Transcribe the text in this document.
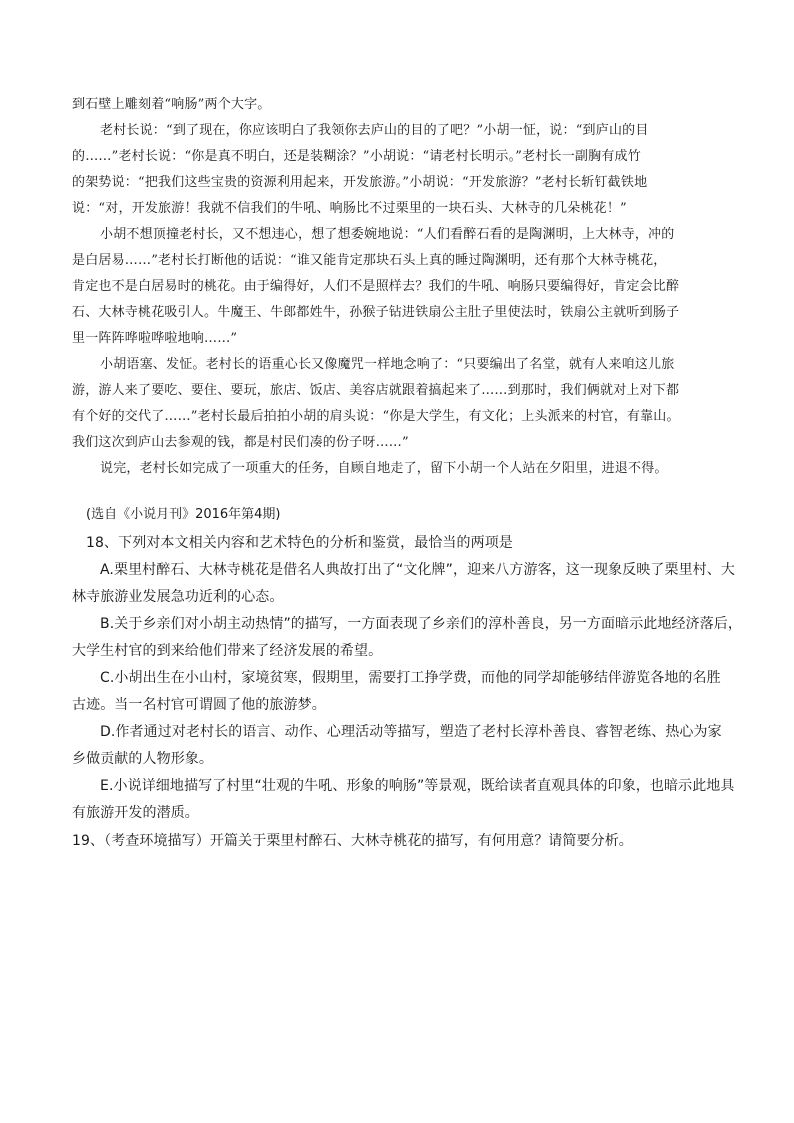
到石壁上雕刻着“响肠”两个大字。

老村长说：“到了现在，你应该明白了我领你去庐山的目的了吧？”小胡一怔，说：“到庐山的目

的……”老村长说：“你是真不明白，还是装糊涂？”小胡说：“请老村长明示。”老村长一副胸有成竹

的架势说：“把我们这些宝贵的资源利用起来，开发旅游。”小胡说：“开发旅游？”老村长斩钉截铁地

说：“对，开发旅游！我就不信我们的牛吼、响肠比不过栗里的一块石头、大林寺的几朵桃花！”

小胡不想顶撞老村长，又不想违心，想了想委婉地说：“人们看醉石看的是陶渊明，上大林寺，冲的

是白居易……”老村长打断他的话说：“谁又能肯定那块石头上真的睡过陶渊明，还有那个大林寺桃花，

肯定也不是白居易时的桃花。由于编得好，人们不是照样去？我们的牛吼、响肠只要编得好，肯定会比醉

石、大林寺桃花吸引人。牛魔王、牛郎都姓牛，孙猴子钻进铁扇公主肚子里使法时，铁扇公主就听到肠子

里一阵阵哗啦哗啦地响……”

小胡语塞、发怔。老村长的语重心长又像魔咒一样地念响了：“只要编出了名堂，就有人来咱这儿旅

游，游人来了要吃、要住、要玩，旅店、饭店、美容店就跟着搞起来了……到那时，我们俩就对上对下都

有个好的交代了……”老村长最后拍拍小胡的肩头说：“你是大学生，有文化；上头派来的村官，有靠山。

我们这次到庐山去参观的钱，都是村民们凑的份子呀……”

说完，老村长如完成了一项重大的任务，自顾自地走了，留下小胡一个人站在夕阳里，进退不得。

(选自《小说月刊》2016年第4期)

18、下列对本文相关内容和艺术特色的分析和鉴赏，最恰当的两项是

A.栗里村醉石、大林寺桃花是借名人典故打出了“文化牌”，迎来八方游客，这一现象反映了栗里村、大

林寺旅游业发展急功近利的心态。

B.关于乡亲们对小胡主动热情”的描写，一方面表现了乡亲们的淳朴善良，另一方面暗示此地经济落后，

大学生村官的到来给他们带来了经济发展的希望。

C.小胡出生在小山村，家境贫寒，假期里，需要打工挣学费，而他的同学却能够结伴游览各地的名胜

古迹。当一名村官可谓圆了他的旅游梦。

D.作者通过对老村长的语言、动作、心理活动等描写，塑造了老村长淳朴善良、睿智老练、热心为家

乡做贡献的人物形象。

E.小说详细地描写了村里“壮观的牛吼、形象的响肠”等景观，既给读者直观具体的印象，也暗示此地具

有旅游开发的潜质。

19、（考查环境描写）开篇关于栗里村醉石、大林寺桃花的描写，有何用意？请简要分析。
